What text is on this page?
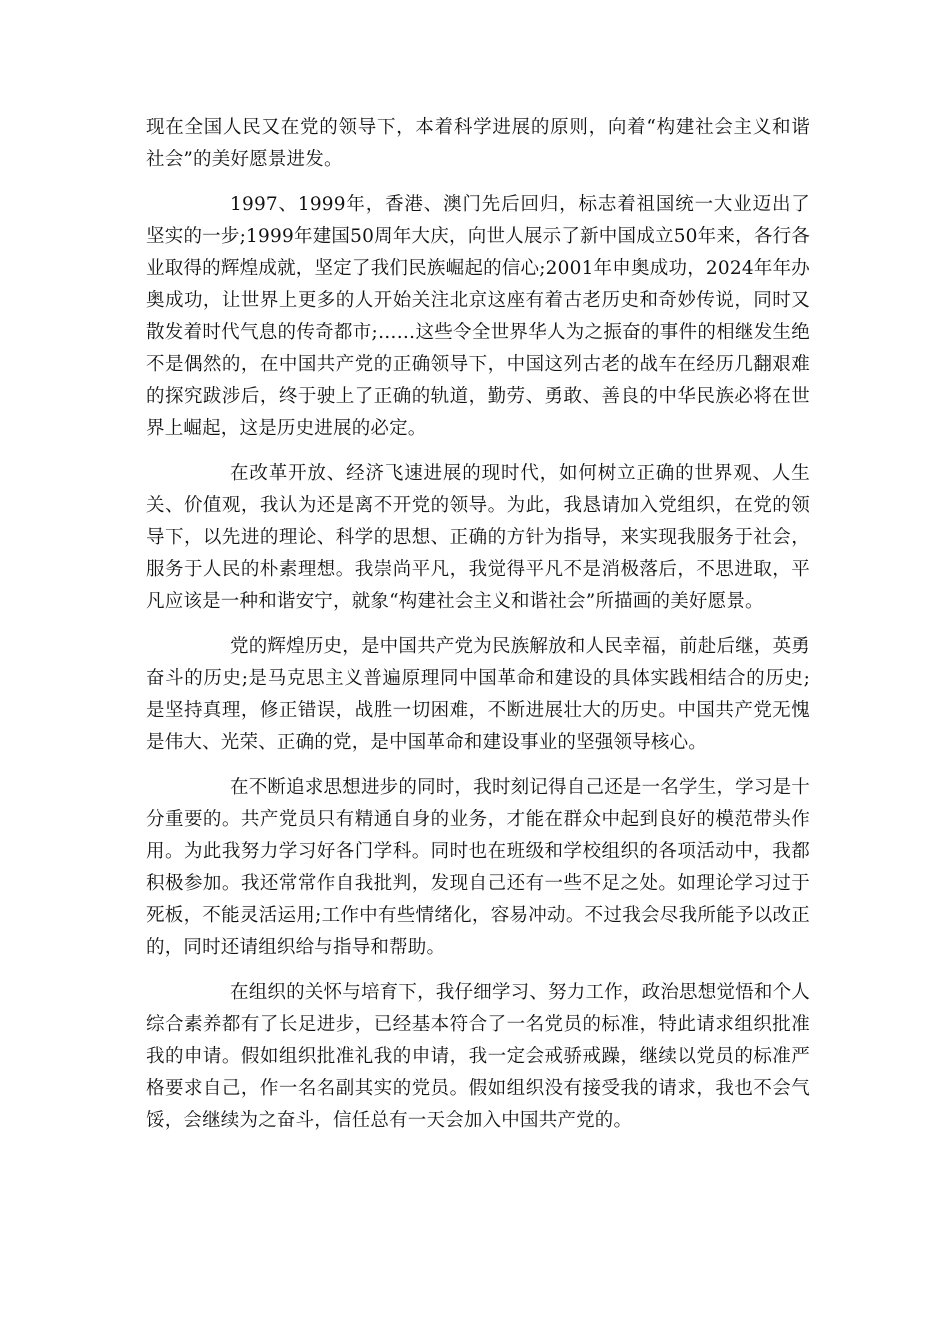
现在全国人民又在党的领导下，本着科学进展的原则，向着“构建社会主义和谐社会”的美好愿景进发。

1997、1999年，香港、澳门先后回归，标志着祖国统一大业迈出了坚实的一步;1999年建国50周年大庆，向世人展示了新中国成立50年来，各行各业取得的辉煌成就，坚定了我们民族崛起的信心;2001年申奥成功，2024年年办奥成功，让世界上更多的人开始关注北京这座有着古老历史和奇妙传说，同时又散发着时代气息的传奇都市;……这些令全世界华人为之振奋的事件的相继发生绝不是偶然的，在中国共产党的正确领导下，中国这列古老的战车在经历几翻艰难的探究跋涉后，终于驶上了正确的轨道，勤劳、勇敢、善良的中华民族必将在世界上崛起，这是历史进展的必定。

在改革开放、经济飞速进展的现时代，如何树立正确的世界观、人生关、价值观，我认为还是离不开党的领导。为此，我恳请加入党组织，在党的领导下，以先进的理论、科学的思想、正确的方针为指导，来实现我服务于社会，服务于人民的朴素理想。我崇尚平凡，我觉得平凡不是消极落后，不思进取，平凡应该是一种和谐安宁，就象“构建社会主义和谐社会”所描画的美好愿景。

党的辉煌历史，是中国共产党为民族解放和人民幸福，前赴后继，英勇奋斗的历史;是马克思主义普遍原理同中国革命和建设的具体实践相结合的历史;是坚持真理，修正错误，战胜一切困难，不断进展壮大的历史。中国共产党无愧是伟大、光荣、正确的党，是中国革命和建设事业的坚强领导核心。

在不断追求思想进步的同时，我时刻记得自己还是一名学生，学习是十分重要的。共产党员只有精通自身的业务，才能在群众中起到良好的模范带头作用。为此我努力学习好各门学科。同时也在班级和学校组织的各项活动中，我都积极参加。我还常常作自我批判，发现自己还有一些不足之处。如理论学习过于死板，不能灵活运用;工作中有些情绪化，容易冲动。不过我会尽我所能予以改正的，同时还请组织给与指导和帮助。

在组织的关怀与培育下，我仔细学习、努力工作，政治思想觉悟和个人综合素养都有了长足进步，已经基本符合了一名党员的标准，特此请求组织批准我的申请。假如组织批准礼我的申请，我一定会戒骄戒躁，继续以党员的标准严格要求自己，作一名名副其实的党员。假如组织没有接受我的请求，我也不会气馁，会继续为之奋斗，信任总有一天会加入中国共产党的。
